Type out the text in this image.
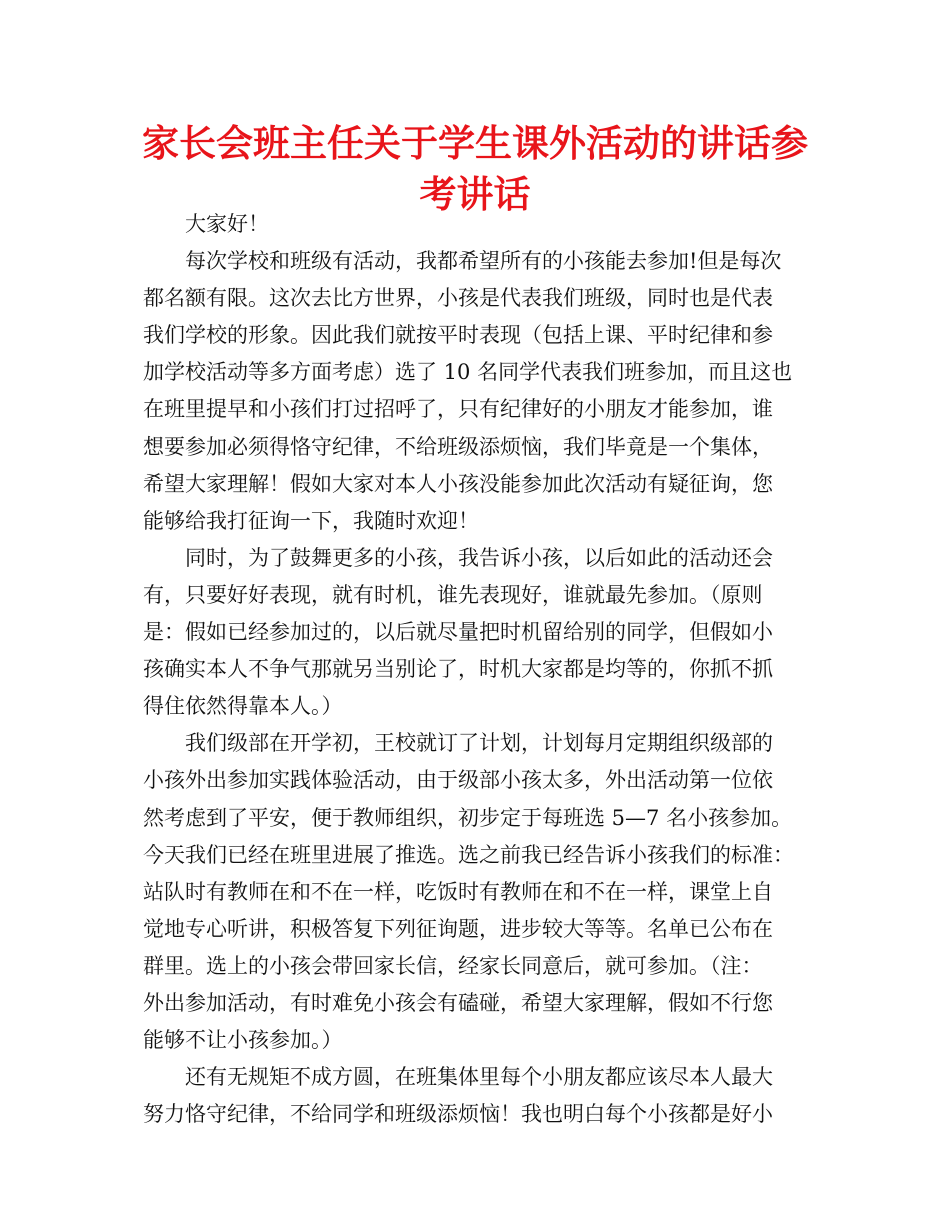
家长会班主任关于学生课外活动的讲话参
考讲话
大家好！
每次学校和班级有活动，我都希望所有的小孩能去参加!但是每次
都名额有限。这次去比方世界，小孩是代表我们班级，同时也是代表
我们学校的形象。因此我们就按平时表现（包括上课、平时纪律和参
加学校活动等多方面考虑）选了 10 名同学代表我们班参加，而且这也
在班里提早和小孩们打过招呼了，只有纪律好的小朋友才能参加，谁
想要参加必须得恪守纪律，不给班级添烦恼，我们毕竟是一个集体，
希望大家理解！假如大家对本人小孩没能参加此次活动有疑征询，您
能够给我打征询一下，我随时欢迎！
同时，为了鼓舞更多的小孩，我告诉小孩，以后如此的活动还会
有，只要好好表现，就有时机，谁先表现好，谁就最先参加。（原则
是：假如已经参加过的，以后就尽量把时机留给别的同学，但假如小
孩确实本人不争气那就另当别论了，时机大家都是均等的，你抓不抓
得住依然得靠本人。）
我们级部在开学初，王校就订了计划，计划每月定期组织级部的
小孩外出参加实践体验活动，由于级部小孩太多，外出活动第一位依
然考虑到了平安，便于教师组织，初步定于每班选 5—7 名小孩参加。
今天我们已经在班里进展了推选。选之前我已经告诉小孩我们的标准：
站队时有教师在和不在一样，吃饭时有教师在和不在一样，课堂上自
觉地专心听讲，积极答复下列征询题，进步较大等等。名单已公布在
群里。选上的小孩会带回家长信，经家长同意后，就可参加。（注：
外出参加活动，有时难免小孩会有磕碰，希望大家理解，假如不行您
能够不让小孩参加。）
还有无规矩不成方圆，在班集体里每个小朋友都应该尽本人最大
努力恪守纪律，不给同学和班级添烦恼！我也明白每个小孩都是好小
